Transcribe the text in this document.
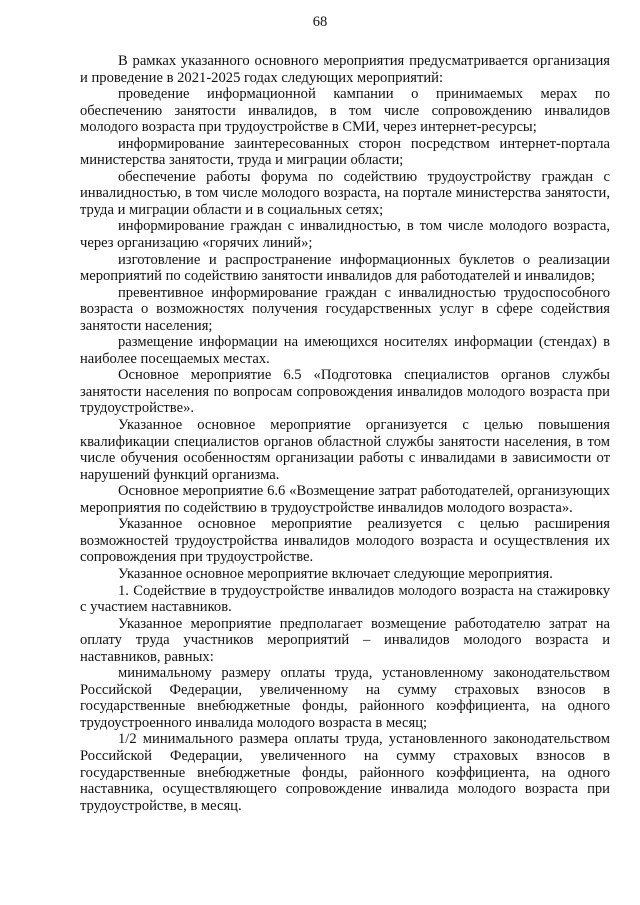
68

В рамках указанного основного мероприятия предусматривается организация и проведение в 2021-2025 годах следующих мероприятий:

проведение информационной кампании о принимаемых мерах по обеспечению занятости инвалидов, в том числе сопровождению инвалидов молодого возраста при трудоустройстве в СМИ, через интернет-ресурсы;

информирование заинтересованных сторон посредством интернет-портала министерства занятости, труда и миграции области;

обеспечение работы форума по содействию трудоустройству граждан с инвалидностью, в том числе молодого возраста, на портале министерства занятости, труда и миграции области и в социальных сетях;

информирование граждан с инвалидностью, в том числе молодого возраста, через организацию «горячих линий»;

изготовление и распространение информационных буклетов о реализации мероприятий по содействию занятости инвалидов для работодателей и инвалидов;

превентивное информирование граждан с инвалидностью трудоспособного возраста о возможностях получения государственных услуг в сфере содействия занятости населения;

размещение информации на имеющихся носителях информации (стендах) в наиболее посещаемых местах.

Основное мероприятие 6.5 «Подготовка специалистов органов службы занятости населения по вопросам сопровождения инвалидов молодого возраста при трудоустройстве».

Указанное основное мероприятие организуется с целью повышения квалификации специалистов органов областной службы занятости населения, в том числе обучения особенностям организации работы с инвалидами в зависимости от нарушений функций организма.

Основное мероприятие 6.6 «Возмещение затрат работодателей, организующих мероприятия по содействию в трудоустройстве инвалидов молодого возраста».

Указанное основное мероприятие реализуется с целью расширения возможностей трудоустройства инвалидов молодого возраста и осуществления их сопровождения при трудоустройстве.

Указанное основное мероприятие включает следующие мероприятия.

1. Содействие в трудоустройстве инвалидов молодого возраста на стажировку с участием наставников.

Указанное мероприятие предполагает возмещение работодателю затрат на оплату труда участников мероприятий – инвалидов молодого возраста и наставников, равных:

минимальному размеру оплаты труда, установленному законодательством Российской Федерации, увеличенному на сумму страховых взносов в государственные внебюджетные фонды, районного коэффициента, на одного трудоустроенного инвалида молодого возраста в месяц;

1/2 минимального размера оплаты труда, установленного законодательством Российской Федерации, увеличенного на сумму страховых взносов в государственные внебюджетные фонды, районного коэффициента, на одного наставника, осуществляющего сопровождение инвалида молодого возраста при трудоустройстве, в месяц.
